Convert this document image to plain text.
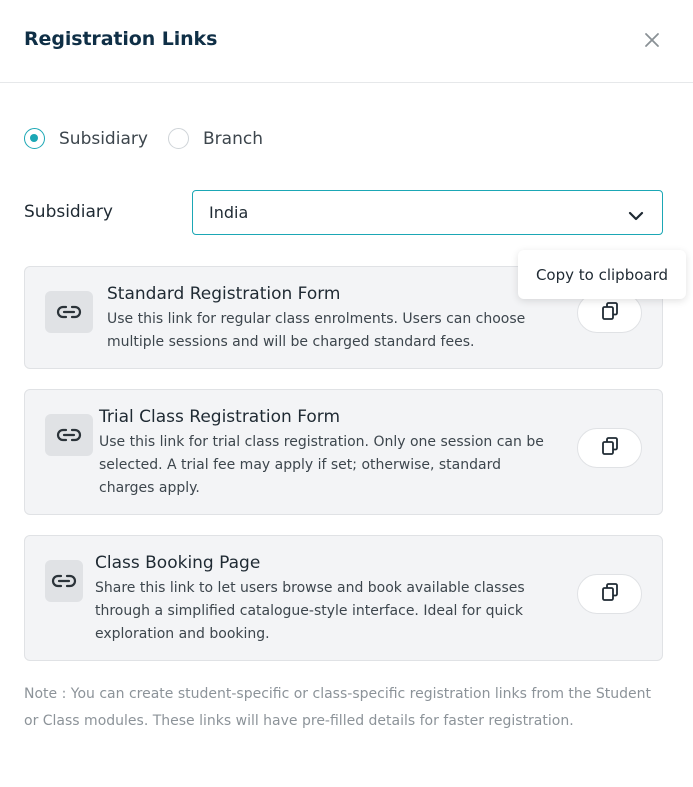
Registration Links
Subsidiary	Branch
Subsidiary	India
Standard Registration Form
Use this link for regular class enrolments. Users can choose multiple sessions and will be charged standard fees.
Copy to clipboard
Trial Class Registration Form
Use this link for trial class registration. Only one session can be selected. A trial fee may apply if set; otherwise, standard charges apply.
Class Booking Page
Share this link to let users browse and book available classes through a simplified catalogue-style interface. Ideal for quick exploration and booking.
Note : You can create student-specific or class-specific registration links from the Student or Class modules. These links will have pre-filled details for faster registration.
